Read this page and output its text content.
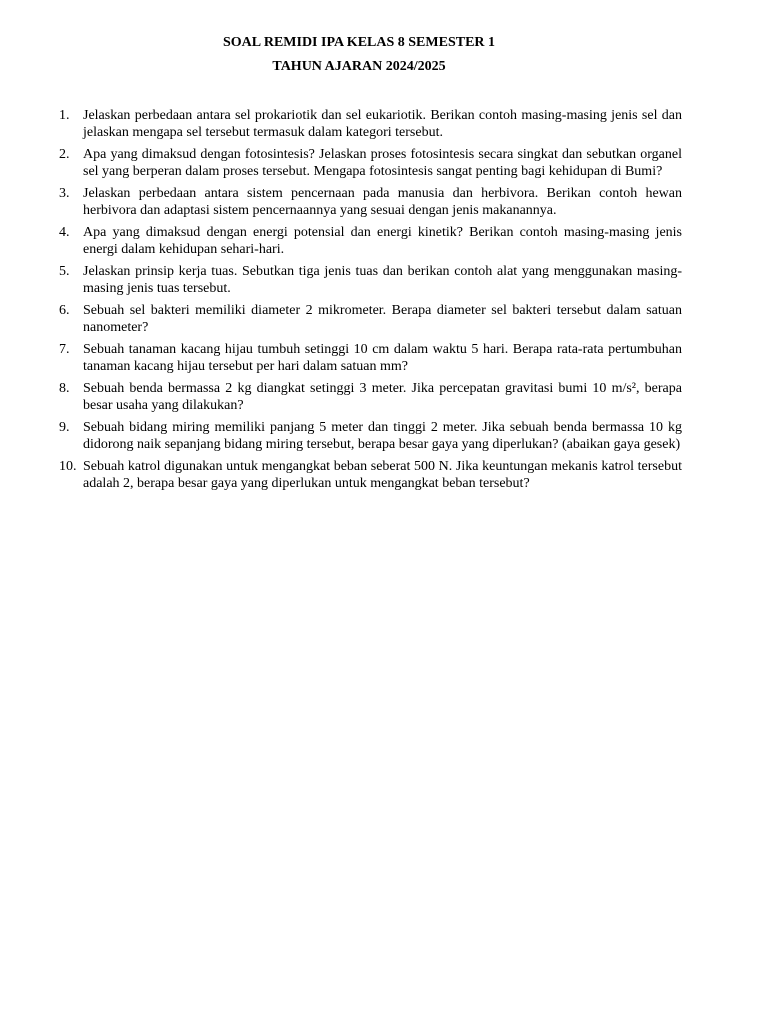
SOAL REMIDI IPA KELAS 8 SEMESTER 1
TAHUN AJARAN 2024/2025
1. Jelaskan perbedaan antara sel prokariotik dan sel eukariotik. Berikan contoh masing-masing jenis sel dan jelaskan mengapa sel tersebut termasuk dalam kategori tersebut.
2. Apa yang dimaksud dengan fotosintesis? Jelaskan proses fotosintesis secara singkat dan sebutkan organel sel yang berperan dalam proses tersebut. Mengapa fotosintesis sangat penting bagi kehidupan di Bumi?
3. Jelaskan perbedaan antara sistem pencernaan pada manusia dan herbivora. Berikan contoh hewan herbivora dan adaptasi sistem pencernaannya yang sesuai dengan jenis makanannya.
4. Apa yang dimaksud dengan energi potensial dan energi kinetik? Berikan contoh masing-masing jenis energi dalam kehidupan sehari-hari.
5. Jelaskan prinsip kerja tuas. Sebutkan tiga jenis tuas dan berikan contoh alat yang menggunakan masing-masing jenis tuas tersebut.
6. Sebuah sel bakteri memiliki diameter 2 mikrometer. Berapa diameter sel bakteri tersebut dalam satuan nanometer?
7. Sebuah tanaman kacang hijau tumbuh setinggi 10 cm dalam waktu 5 hari. Berapa rata-rata pertumbuhan tanaman kacang hijau tersebut per hari dalam satuan mm?
8. Sebuah benda bermassa 2 kg diangkat setinggi 3 meter. Jika percepatan gravitasi bumi 10 m/s², berapa besar usaha yang dilakukan?
9. Sebuah bidang miring memiliki panjang 5 meter dan tinggi 2 meter. Jika sebuah benda bermassa 10 kg didorong naik sepanjang bidang miring tersebut, berapa besar gaya yang diperlukan? (abaikan gaya gesek)
10. Sebuah katrol digunakan untuk mengangkat beban seberat 500 N. Jika keuntungan mekanis katrol tersebut adalah 2, berapa besar gaya yang diperlukan untuk mengangkat beban tersebut?
